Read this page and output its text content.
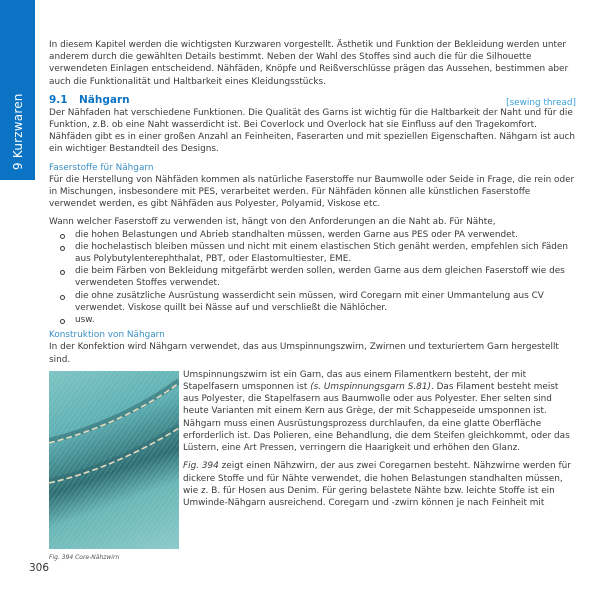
9 Kurzwaren

In diesem Kapitel werden die wichtigsten Kurzwaren vorgestellt. Ästhetik und Funktion der Bekleidung werden unter anderem durch die gewählten Details bestimmt. Neben der Wahl des Stoffes sind auch die für die Silhouette verwendeten Einlagen entscheidend. Nähfäden, Knöpfe und Reißverschlüsse prägen das Aussehen, bestimmen aber auch die Funktionalität und Haltbarkeit eines Kleidungsstücks.

9.1 Nähgarn	[sewing thread]

Der Nähfaden hat verschiedene Funktionen. Die Qualität des Garns ist wichtig für die Haltbarkeit der Naht und für die Funktion, z.B. ob eine Naht wasserdicht ist. Bei Coverlock und Overlock hat sie Einfluss auf den Tragekomfort. Nähfäden gibt es in einer großen Anzahl an Feinheiten, Faserarten und mit speziellen Eigenschaften. Nähgarn ist auch ein wichtiger Bestandteil des Designs.

Faserstoffe für Nähgarn

Für die Herstellung von Nähfäden kommen als natürliche Faserstoffe nur Baumwolle oder Seide in Frage, die rein oder in Mischungen, insbesondere mit PES, verarbeitet werden. Für Nähfäden können alle künstlichen Faserstoffe verwendet werden, es gibt Nähfäden aus Polyester, Polyamid, Viskose etc.

Wann welcher Faserstoff zu verwenden ist, hängt von den Anforderungen an die Naht ab. Für Nähte,
die hohen Belastungen und Abrieb standhalten müssen, werden Garne aus PES oder PA verwendet.
die hochelastisch bleiben müssen und nicht mit einem elastischen Stich genäht werden, empfehlen sich Fäden aus Polybutylenterephthalat, PBT, oder Elastomultiester, EME.
die beim Färben von Bekleidung mitgefärbt werden sollen, werden Garne aus dem gleichen Faserstoff wie des verwendeten Stoffes verwendet.
die ohne zusätzliche Ausrüstung wasserdicht sein müssen, wird Coregarn mit einer Ummantelung aus CV verwendet. Viskose quillt bei Nässe auf und verschließt die Nählöcher.
usw.
Konstruktion von Nähgarn
In der Konfektion wird Nähgarn verwendet, das aus Umspinnungszwirn, Zwirnen und texturiertem Garn hergestellt sind.
Fig. 394 Core-Nähzwirn

Umspinnungszwirn ist ein Garn, das aus einem Filamentkern besteht, der mit Stapelfasern umsponnen ist (s. Umspinnungsgarn S.81). Das Filament besteht meist aus Polyester, die Stapelfasern aus Baumwolle oder aus Polyester. Eher selten sind heute Varianten mit einem Kern aus Grège, der mit Schappeseide umsponnen ist. Nähgarn muss einen Ausrüstungsprozess durchlaufen, da eine glatte Oberfläche erforderlich ist. Das Polieren, eine Behandlung, die dem Steifen gleichkommt, oder das Lüstern, eine Art Pressen, verringern die Haarigkeit und erhöhen den Glanz.

Fig. 394 zeigt einen Nähzwirn, der aus zwei Coregarnen besteht. Nähzwirne werden für dickere Stoffe und für Nähte verwendet, die hohen Belastungen standhalten müssen, wie z. B. für Hosen aus Denim. Für gering belastete Nähte bzw. leichte Stoffe ist ein Umwinde-Nähgarn ausreichend. Coregarn und -zwirn können je nach Feinheit mit

306
